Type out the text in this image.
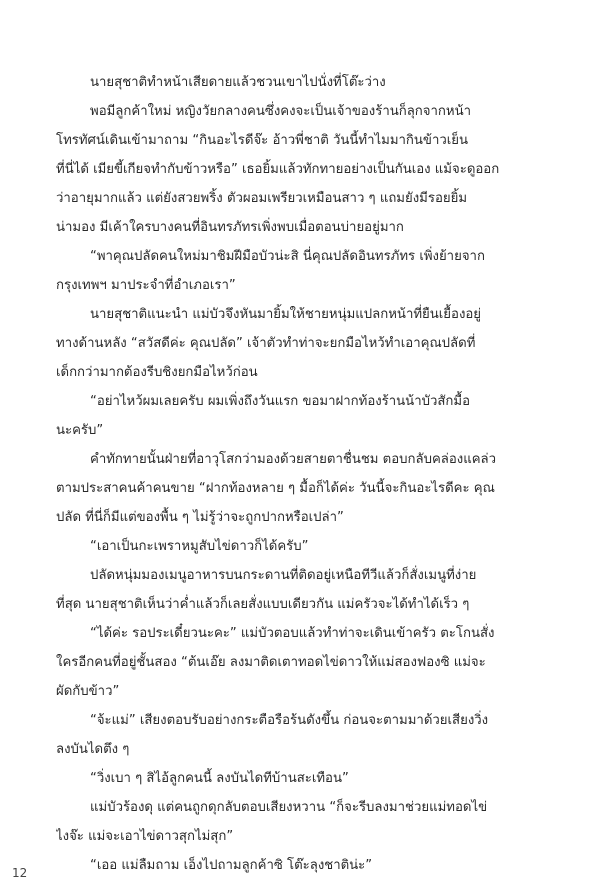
นายสุชาติทำหน้าเสียดายแล้วชวนเขาไปนั่งที่โต๊ะว่าง
พอมีลูกค้าใหม่ หญิงวัยกลางคนซึ่งคงจะเป็นเจ้าของร้านก็ลุกจากหน้า
โทรทัศน์เดินเข้ามาถาม “กินอะไรดีจ๊ะ อ้าวพี่ชาติ วันนี้ทำไมมากินข้าวเย็น
ที่นี่ได้ เมียขี้เกียจทำกับข้าวหรือ” เธอยิ้มแล้วทักทายอย่างเป็นกันเอง แม้จะดูออก
ว่าอายุมากแล้ว แต่ยังสวยพริ้ง ตัวผอมเพรียวเหมือนสาว ๆ แถมยังมีรอยยิ้ม
น่ามอง มีเค้าใครบางคนที่อินทรภัทรเพิ่งพบเมื่อตอนบ่ายอยู่มาก
“พาคุณปลัดคนใหม่มาชิมฝีมือบัวน่ะสิ นี่คุณปลัดอินทรภัทร เพิ่งย้ายจาก
กรุงเทพฯ มาประจำที่อำเภอเรา”
นายสุชาติแนะนำ แม่บัวจึงหันมายิ้มให้ชายหนุ่มแปลกหน้าที่ยืนเยื้องอยู่
ทางด้านหลัง “สวัสดีค่ะ คุณปลัด” เจ้าตัวทำท่าจะยกมือไหว้ทำเอาคุณปลัดที่
เด็กกว่ามากต้องรีบชิงยกมือไหว้ก่อน
“อย่าไหว้ผมเลยครับ ผมเพิ่งถึงวันแรก ขอมาฝากท้องร้านน้าบัวสักมื้อ
นะครับ”
คำทักทายนั้นฝ่ายที่อาวุโสกว่ามองด้วยสายตาชื่นชม ตอบกลับคล่องแคล่ว
ตามประสาคนค้าคนขาย “ฝากท้องหลาย ๆ มื้อก็ได้ค่ะ วันนี้จะกินอะไรดีคะ คุณ
ปลัด ที่นี่ก็มีแต่ของพื้น ๆ ไม่รู้ว่าจะถูกปากหรือเปล่า”
“เอาเป็นกะเพราหมูสับไข่ดาวก็ได้ครับ”
ปลัดหนุ่มมองเมนูอาหารบนกระดานที่ติดอยู่เหนือทีวีแล้วก็สั่งเมนูที่ง่าย
ที่สุด นายสุชาติเห็นว่าค่ำแล้วก็เลยสั่งแบบเดียวกัน แม่ครัวจะได้ทำได้เร็ว ๆ
“ได้ค่ะ รอประเดี๋ยวนะคะ” แม่บัวตอบแล้วทำท่าจะเดินเข้าครัว ตะโกนสั่ง
ใครอีกคนที่อยู่ชั้นสอง “ต้นเอ๊ย ลงมาติดเตาทอดไข่ดาวให้แม่สองฟองซิ แม่จะ
ผัดกับข้าว”
“จ้ะแม่” เสียงตอบรับอย่างกระตือรือร้นดังขึ้น ก่อนจะตามมาด้วยเสียงวิ่ง
ลงบันไดตึง ๆ
“วิ่งเบา ๆ สิไอ้ลูกคนนี้ ลงบันไดทีบ้านสะเทือน”
แม่บัวร้องดุ แต่คนถูกดุกลับตอบเสียงหวาน “ก็จะรีบลงมาช่วยแม่ทอดไข่
ไงจ๊ะ แม่จะเอาไข่ดาวสุกไม่สุก”
“เออ แม่ลืมถาม เอ็งไปถามลูกค้าซิ โต๊ะลุงชาติน่ะ”
12
